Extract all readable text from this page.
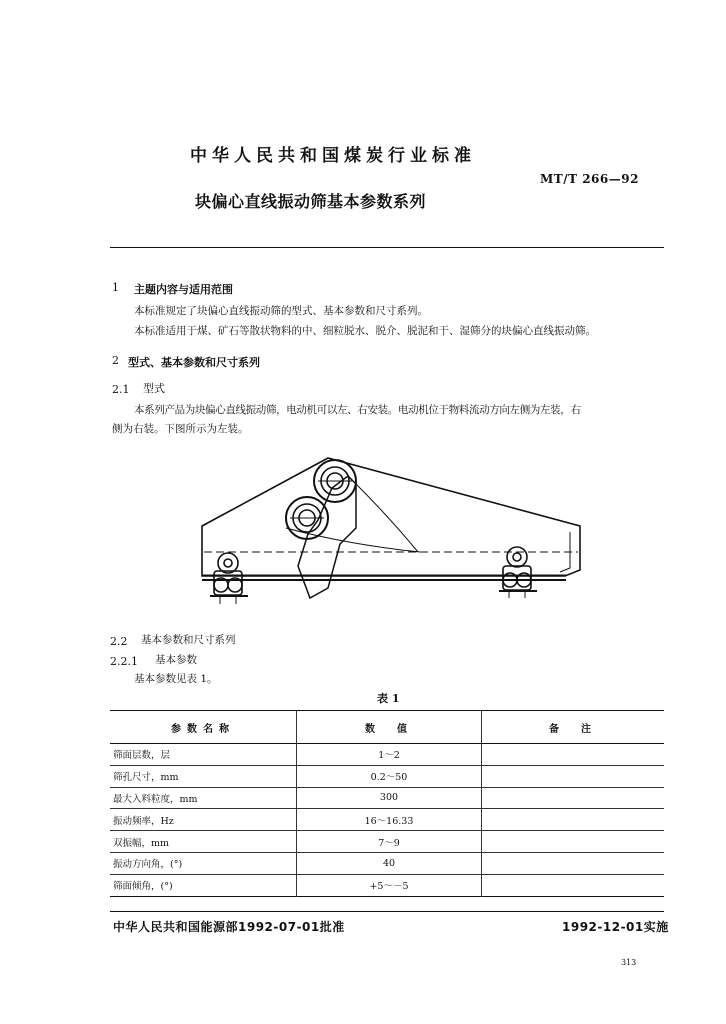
中华人民共和国煤炭行业标准
MT/T 266—92
块偏心直线振动筛基本参数系列
1 主题内容与适用范围
本标准规定了块偏心直线振动筛的型式、基本参数和尺寸系列。
本标准适用于煤、矿石等散状物料的中、细粒脱水、脱介、脱泥和干、湿筛分的块偏心直线振动筛。
2 型式、基本参数和尺寸系列
2.1 型式
本系列产品为块偏心直线振动筛，电动机可以左、右安装。电动机位于物料流动方向左侧为左装，右
侧为右装。下图所示为左装。
2.2 基本参数和尺寸系列
2.2.1 基本参数
基本参数见表 1。
表 1
参数名称	数　值	备　注
筛面层数，层	1～2	
筛孔尺寸，mm	0.2～50	
最大入料粒度，mm	300	
振动频率，Hz	16～16.33	
双振幅，mm	7～9	
振动方向角，(°)	40	
筛面倾角，(°)	+5～－5	
中华人民共和国能源部1992-07-01批准	1992-12-01实施
313
